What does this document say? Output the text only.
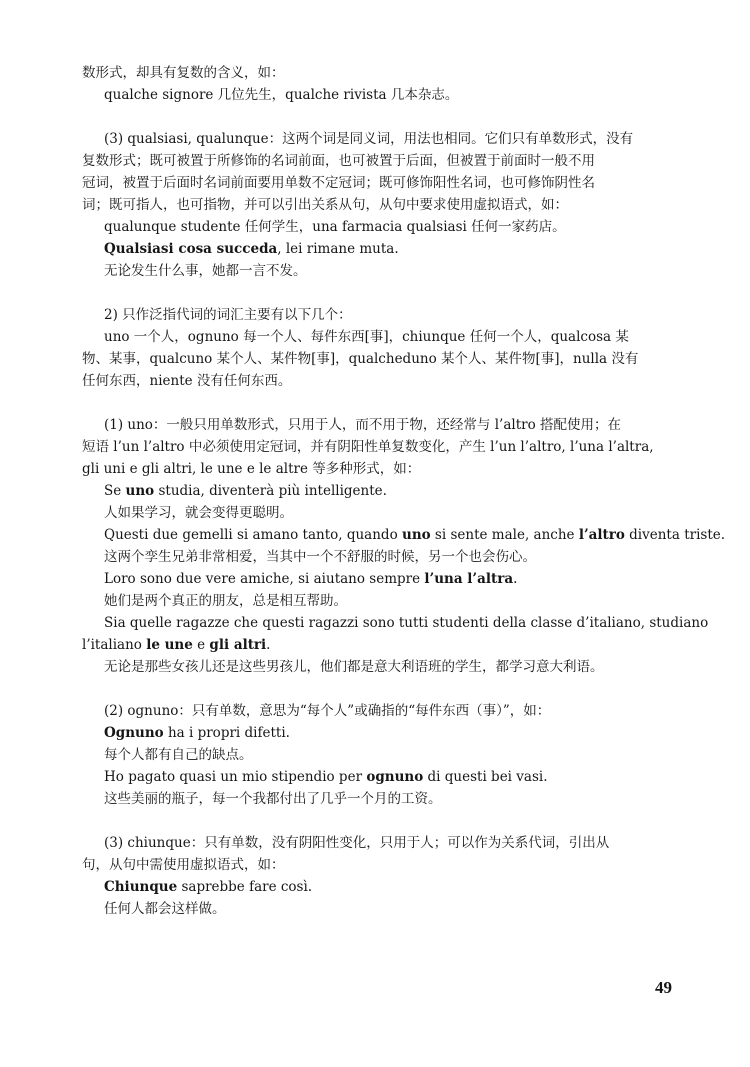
数形式，却具有复数的含义，如：
qualche signore 几位先生，qualche rivista 几本杂志。
(3) qualsiasi, qualunque：这两个词是同义词，用法也相同。它们只有单数形式，没有
复数形式；既可被置于所修饰的名词前面，也可被置于后面，但被置于前面时一般不用
冠词，被置于后面时名词前面要用单数不定冠词；既可修饰阳性名词，也可修饰阴性名
词；既可指人，也可指物，并可以引出关系从句，从句中要求使用虚拟语式，如：
qualunque studente 任何学生，una farmacia qualsiasi 任何一家药店。
Qualsiasi cosa succeda, lei rimane muta.
无论发生什么事，她都一言不发。
2) 只作泛指代词的词汇主要有以下几个：
uno 一个人，ognuno 每一个人、每件东西[事]，chiunque 任何一个人，qualcosa 某
物、某事，qualcuno 某个人、某件物[事]，qualcheduno 某个人、某件物[事]，nulla 没有
任何东西，niente 没有任何东西。
(1) uno：一般只用单数形式，只用于人，而不用于物，还经常与 l’altro 搭配使用；在
短语 l’un l’altro 中必须使用定冠词，并有阴阳性单复数变化，产生 l’un l’altro, l’una l’altra,
gli uni e gli altri, le une e le altre 等多种形式，如：
Se uno studia, diventerà più intelligente.
人如果学习，就会变得更聪明。
Questi due gemelli si amano tanto, quando uno si sente male, anche l’altro diventa triste.
这两个孪生兄弟非常相爱，当其中一个不舒服的时候，另一个也会伤心。
Loro sono due vere amiche, si aiutano sempre l’una l’altra.
她们是两个真正的朋友，总是相互帮助。
Sia quelle ragazze che questi ragazzi sono tutti studenti della classe d’italiano, studiano
l’italiano le une e gli altri.
无论是那些女孩儿还是这些男孩儿，他们都是意大利语班的学生，都学习意大利语。
(2) ognuno：只有单数，意思为“每个人”或确指的“每件东西（事）”，如：
Ognuno ha i propri difetti.
每个人都有自己的缺点。
Ho pagato quasi un mio stipendio per ognuno di questi bei vasi.
这些美丽的瓶子，每一个我都付出了几乎一个月的工资。
(3) chiunque：只有单数，没有阴阳性变化，只用于人；可以作为关系代词，引出从
句，从句中需使用虚拟语式，如：
Chiunque saprebbe fare così.
任何人都会这样做。
49
